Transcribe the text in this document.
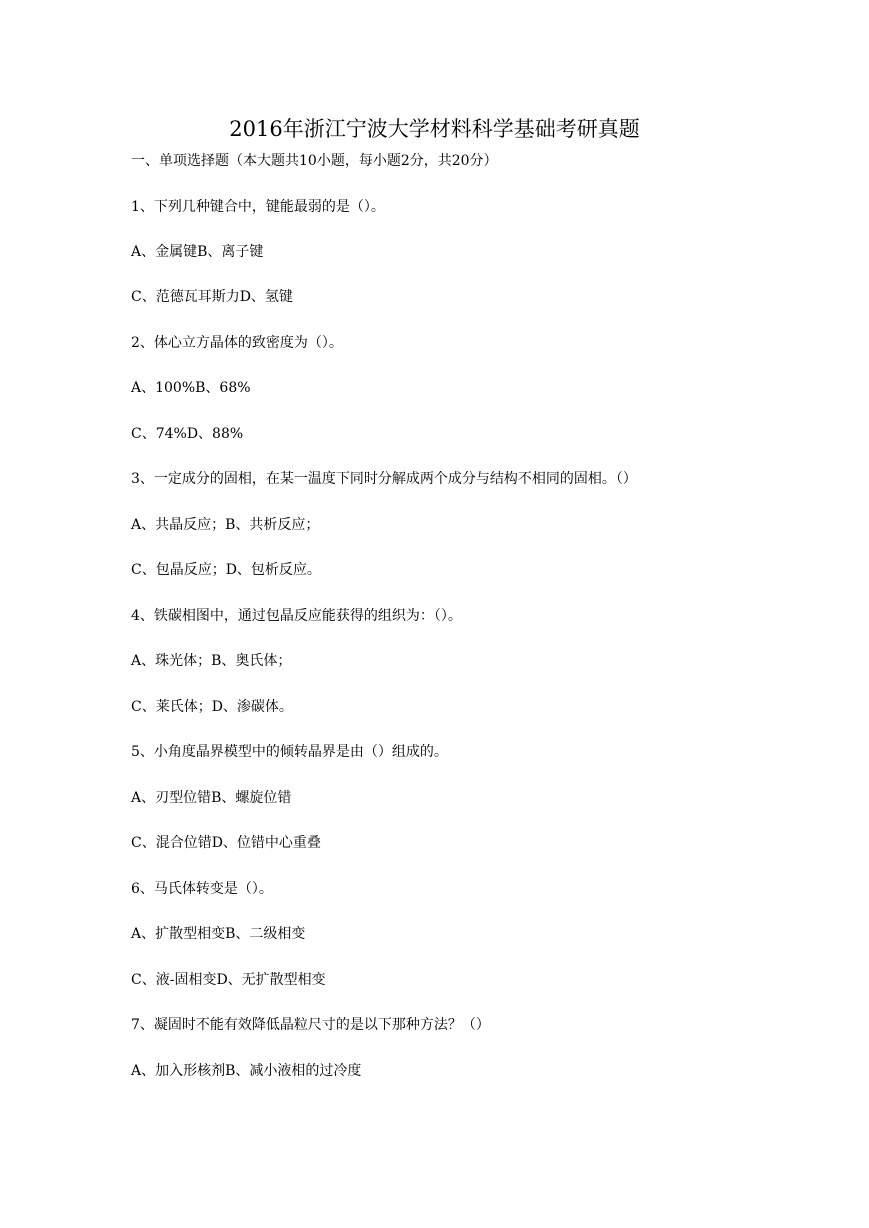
2016年浙江宁波大学材料科学基础考研真题
一、单项选择题（本大题共10小题，每小题2分，共20分）
1、下列几种键合中，键能最弱的是（）。
A、金属键B、离子键
C、范德瓦耳斯力D、氢键
2、体心立方晶体的致密度为（）。
A、100%B、68%
C、74%D、88%
3、一定成分的固相，在某一温度下同时分解成两个成分与结构不相同的固相。（）
A、共晶反应；B、共析反应；
C、包晶反应；D、包析反应。
4、铁碳相图中，通过包晶反应能获得的组织为：（）。
A、珠光体；B、奥氏体；
C、莱氏体；D、渗碳体。
5、小角度晶界模型中的倾转晶界是由（）组成的。
A、刃型位错B、螺旋位错
C、混合位错D、位错中心重叠
6、马氏体转变是（）。
A、扩散型相变B、二级相变
C、液-固相变D、无扩散型相变
7、凝固时不能有效降低晶粒尺寸的是以下那种方法？（）
A、加入形核剂B、减小液相的过冷度
